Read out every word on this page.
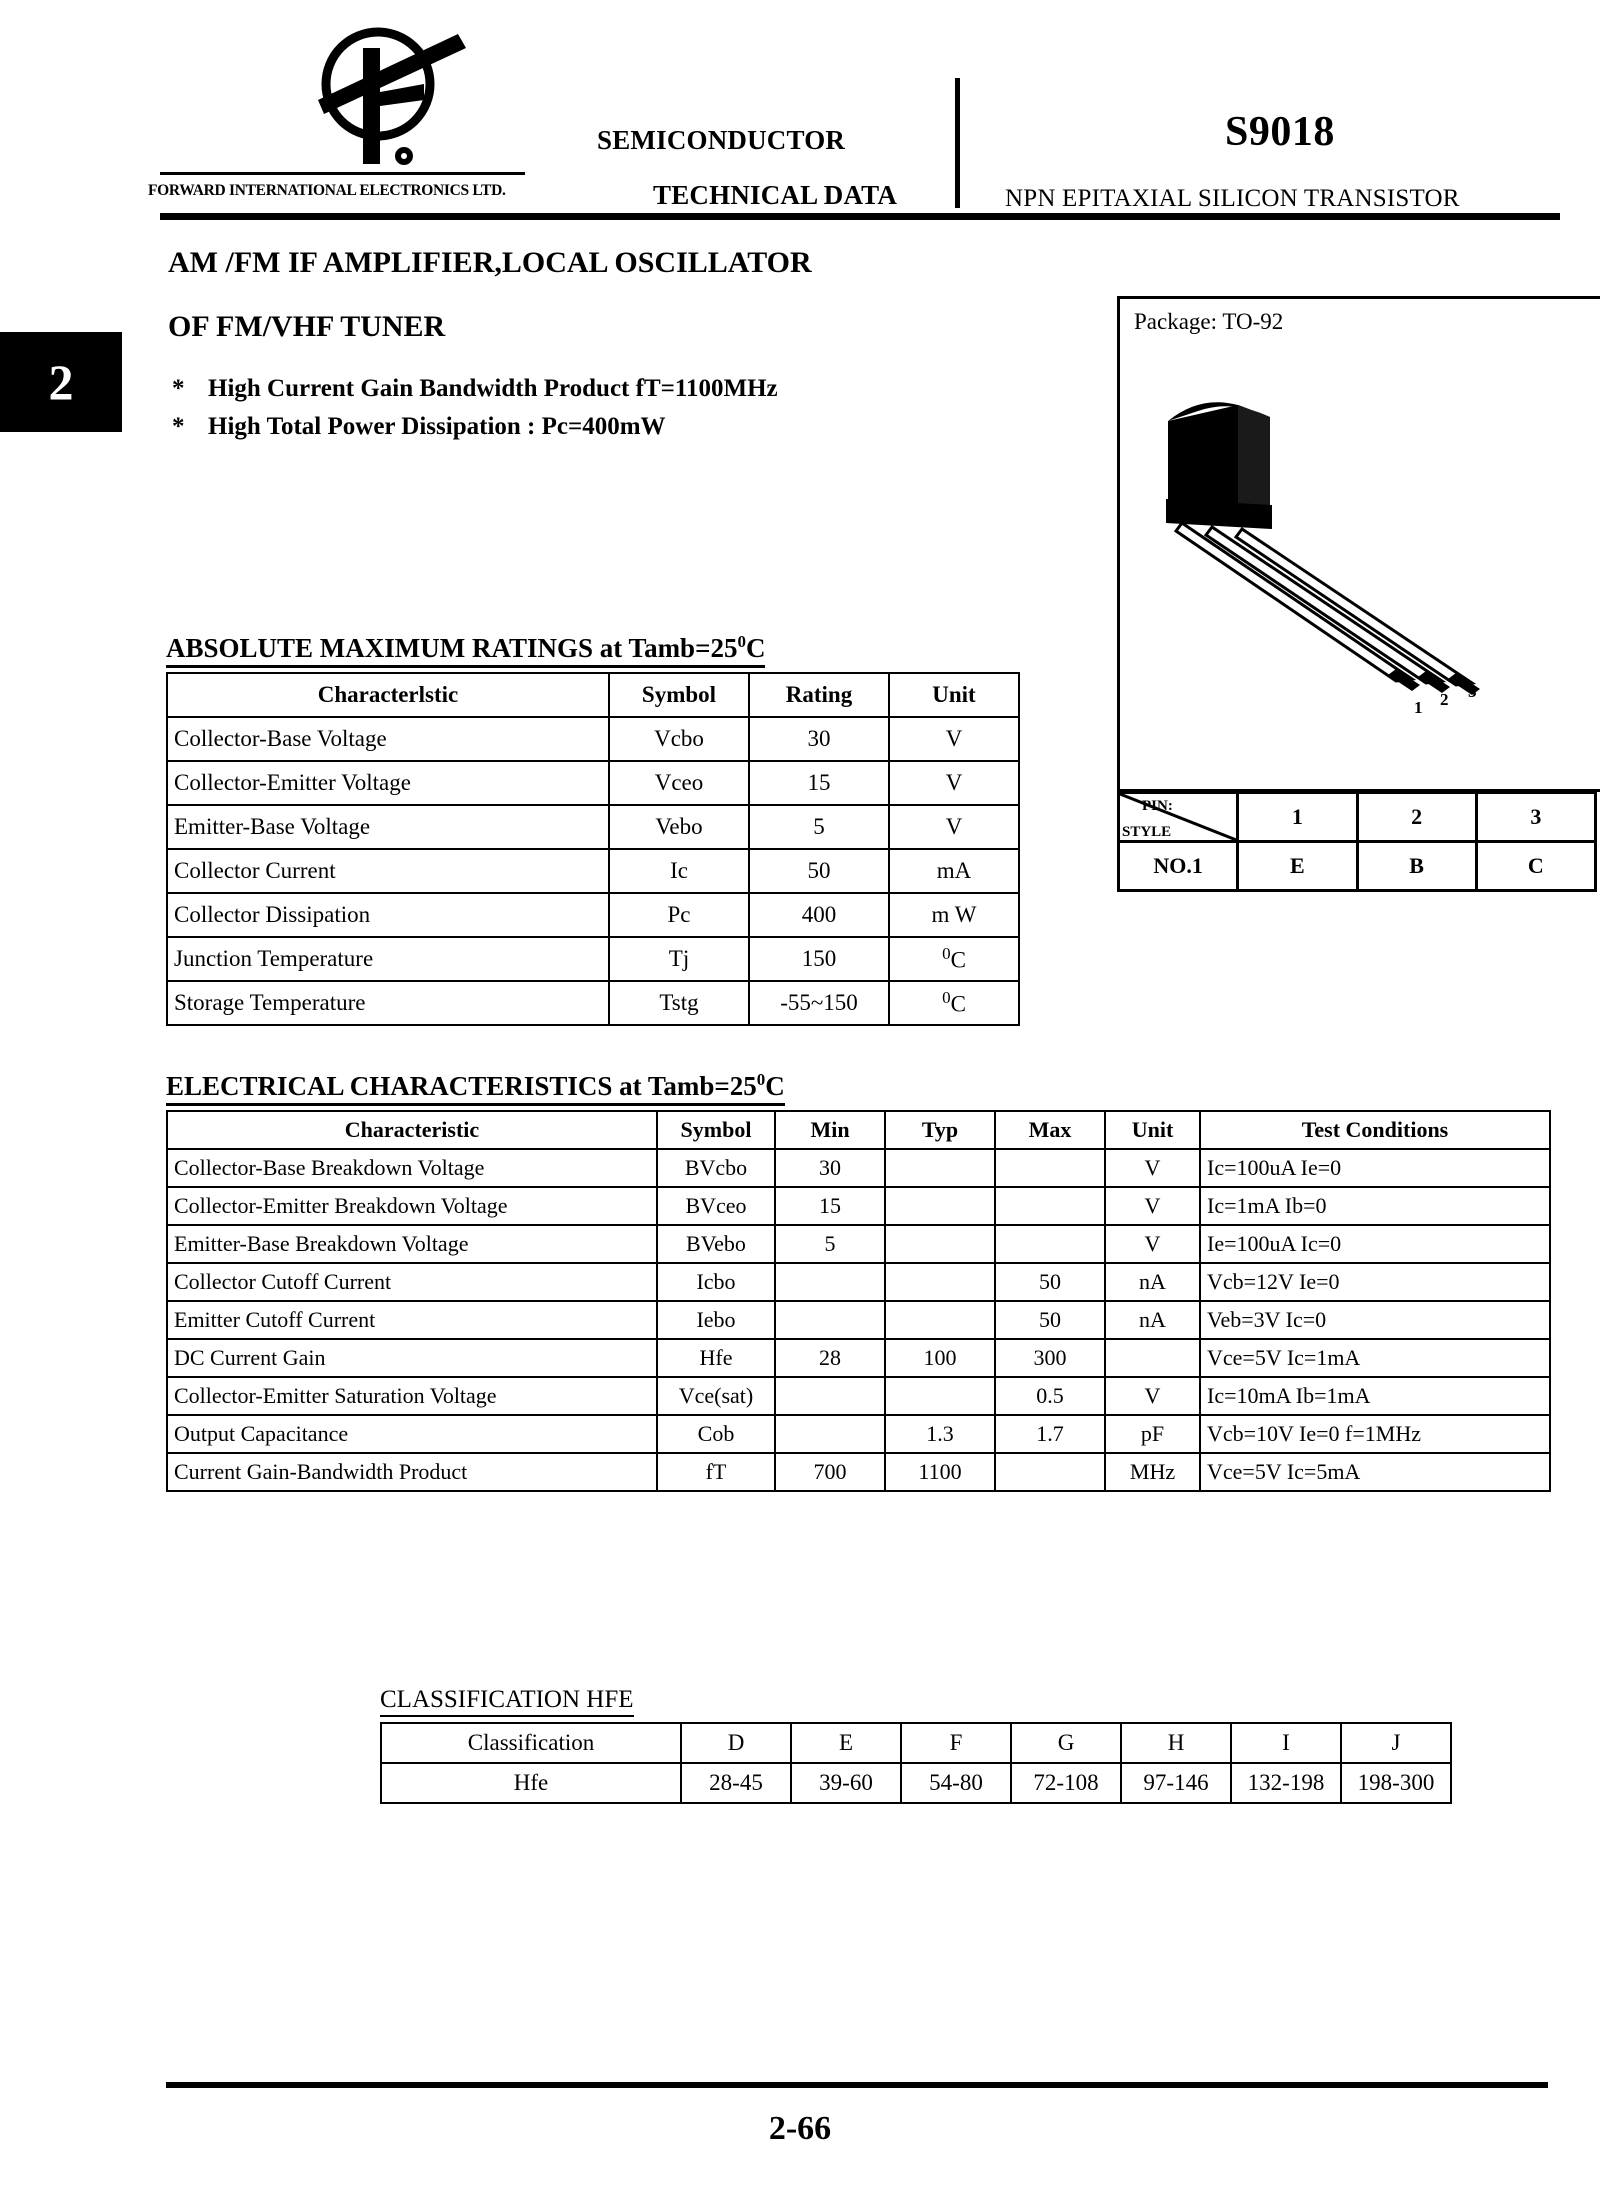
FORWARD INTERNATIONAL ELECTRONICS LTD.
SEMICONDUCTOR
TECHNICAL DATA
S9018
NPN EPITAXIAL SILICON TRANSISTOR
2
AM /FM IF AMPLIFIER,LOCAL OSCILLATOR
OF FM/VHF TUNER
* High Current Gain Bandwidth Product fT=1100MHz
* High Total Power Dissipation : Pc=400mW
Package: TO-92
1 2 3
PIN:
STYLE	1	2	3
NO.1	E	B	C
ABSOLUTE MAXIMUM RATINGS at $Tamb=25^0C$
Characterlstic	Symbol	Rating	Unit
Collector-Base Voltage	Vcbo	30	V
Collector-Emitter Voltage	Vceo	15	V
Emitter-Base Voltage	Vebo	5	V
Collector Current	Ic	50	mA
Collector Dissipation	Pc	400	m W
Junction Temperature	Tj	150	$^0$C
Storage Temperature	Tstg	-55~150	$^0$C
ELECTRICAL CHARACTERISTICS at $Tamb=25^0C$
Characteristic	Symbol	Min	Typ	Max	Unit	Test Conditions
Collector-Base Breakdown Voltage	BVcbo	30			V	Ic=100uA Ie=0
Collector-Emitter Breakdown Voltage	BVceo	15			V	Ic=1mA Ib=0
Emitter-Base Breakdown Voltage	BVebo	5			V	Ie=100uA Ic=0
Collector Cutoff Current	Icbo			50	nA	Vcb=12V Ie=0
Emitter Cutoff Current	Iebo			50	nA	Veb=3V Ic=0
DC Current Gain	Hfe	28	100	300		Vce=5V Ic=1mA
Collector-Emitter Saturation Voltage	Vce(sat)			0.5	V	Ic=10mA Ib=1mA
Output Capacitance	Cob		1.3	1.7	pF	Vcb=10V Ie=0 f=1MHz
Current Gain-Bandwidth Product	fT	700	1100		MHz	Vce=5V Ic=5mA
CLASSIFICATION HFE
Classification	D	E	F	G	H	I	J
Hfe	28-45	39-60	54-80	72-108	97-146	132-198	198-300
2-66
